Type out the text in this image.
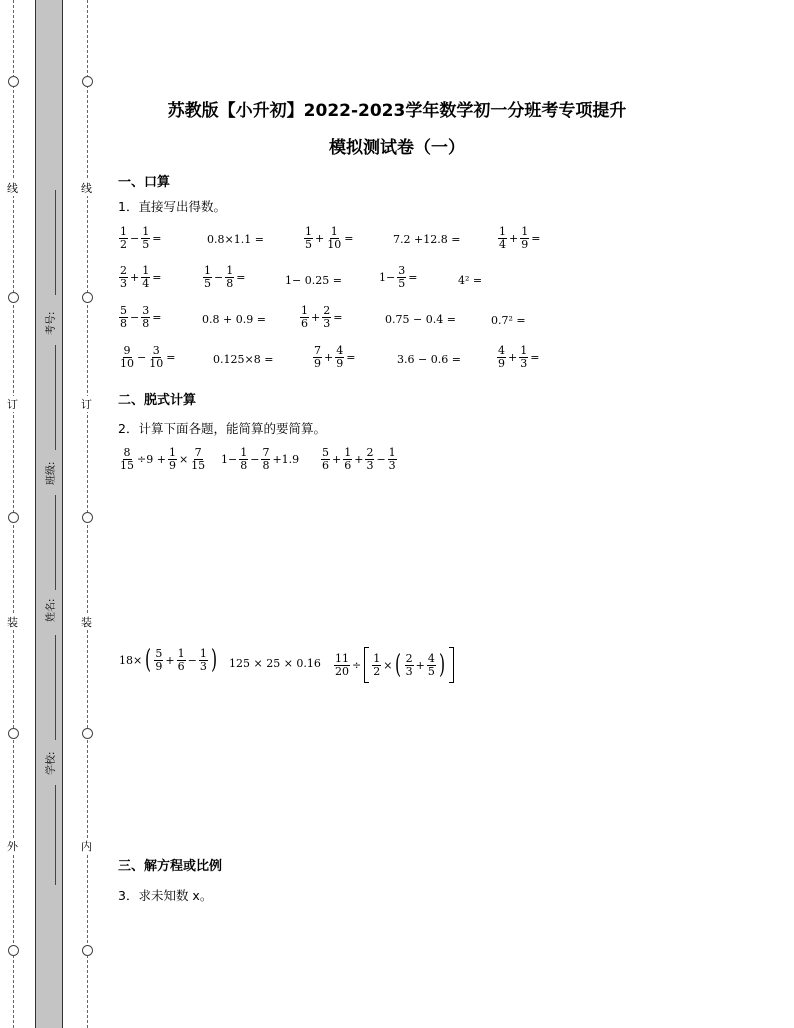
线
订
装
外
线
订
装
内
考号:
班级:
姓名:
学校:
苏教版【小升初】2022-2023学年数学初一分班考专项提升
模拟测试卷（一）
一、口算
1．直接写出得数。
$\frac{1}{2} - \frac{1}{5}$ =	0.8×1.1 =	$\frac{1}{5} + \frac{1}{10}$ =	7.2 +12.8 =	$\frac{1}{4} + \frac{1}{9}$ =
$\frac{2}{3} + \frac{1}{4}$ =	$\frac{1}{5} - \frac{1}{8}$ =	1− 0.25 =	$1- \frac{3}{5}$ =	4² =
$\frac{5}{8} - \frac{3}{8}$ =	0.8 + 0.9 =	$\frac{1}{6} + \frac{2}{3}$ =	0.75 − 0.4 =	0.7² =
$\frac{9}{10} - \frac{3}{10}$ =	0.125×8 =	$\frac{7}{9} + \frac{4}{9}$ =	3.6 − 0.6 =	$\frac{4}{9} + \frac{1}{3}$ =
二、脱式计算
2．计算下面各题，能简算的要简算。
$\frac{8}{15} \div 9 + \frac{1}{9} \times \frac{7}{15} 1- \frac{1}{8} - \frac{7}{8} +1.9 \frac{5}{6} + \frac{1}{6} + \frac{2}{3} - \frac{1}{3}$
18× ( $\frac{5}{9} + \frac{1}{6} - \frac{1}{3}$ ) $125 \times 25 \times 0.16 \frac{11}{20} \div \frac{1}{2}$ × ( $\frac{2}{3} + \frac{4}{5}$ )
三、解方程或比例
3．求未知数 x。
